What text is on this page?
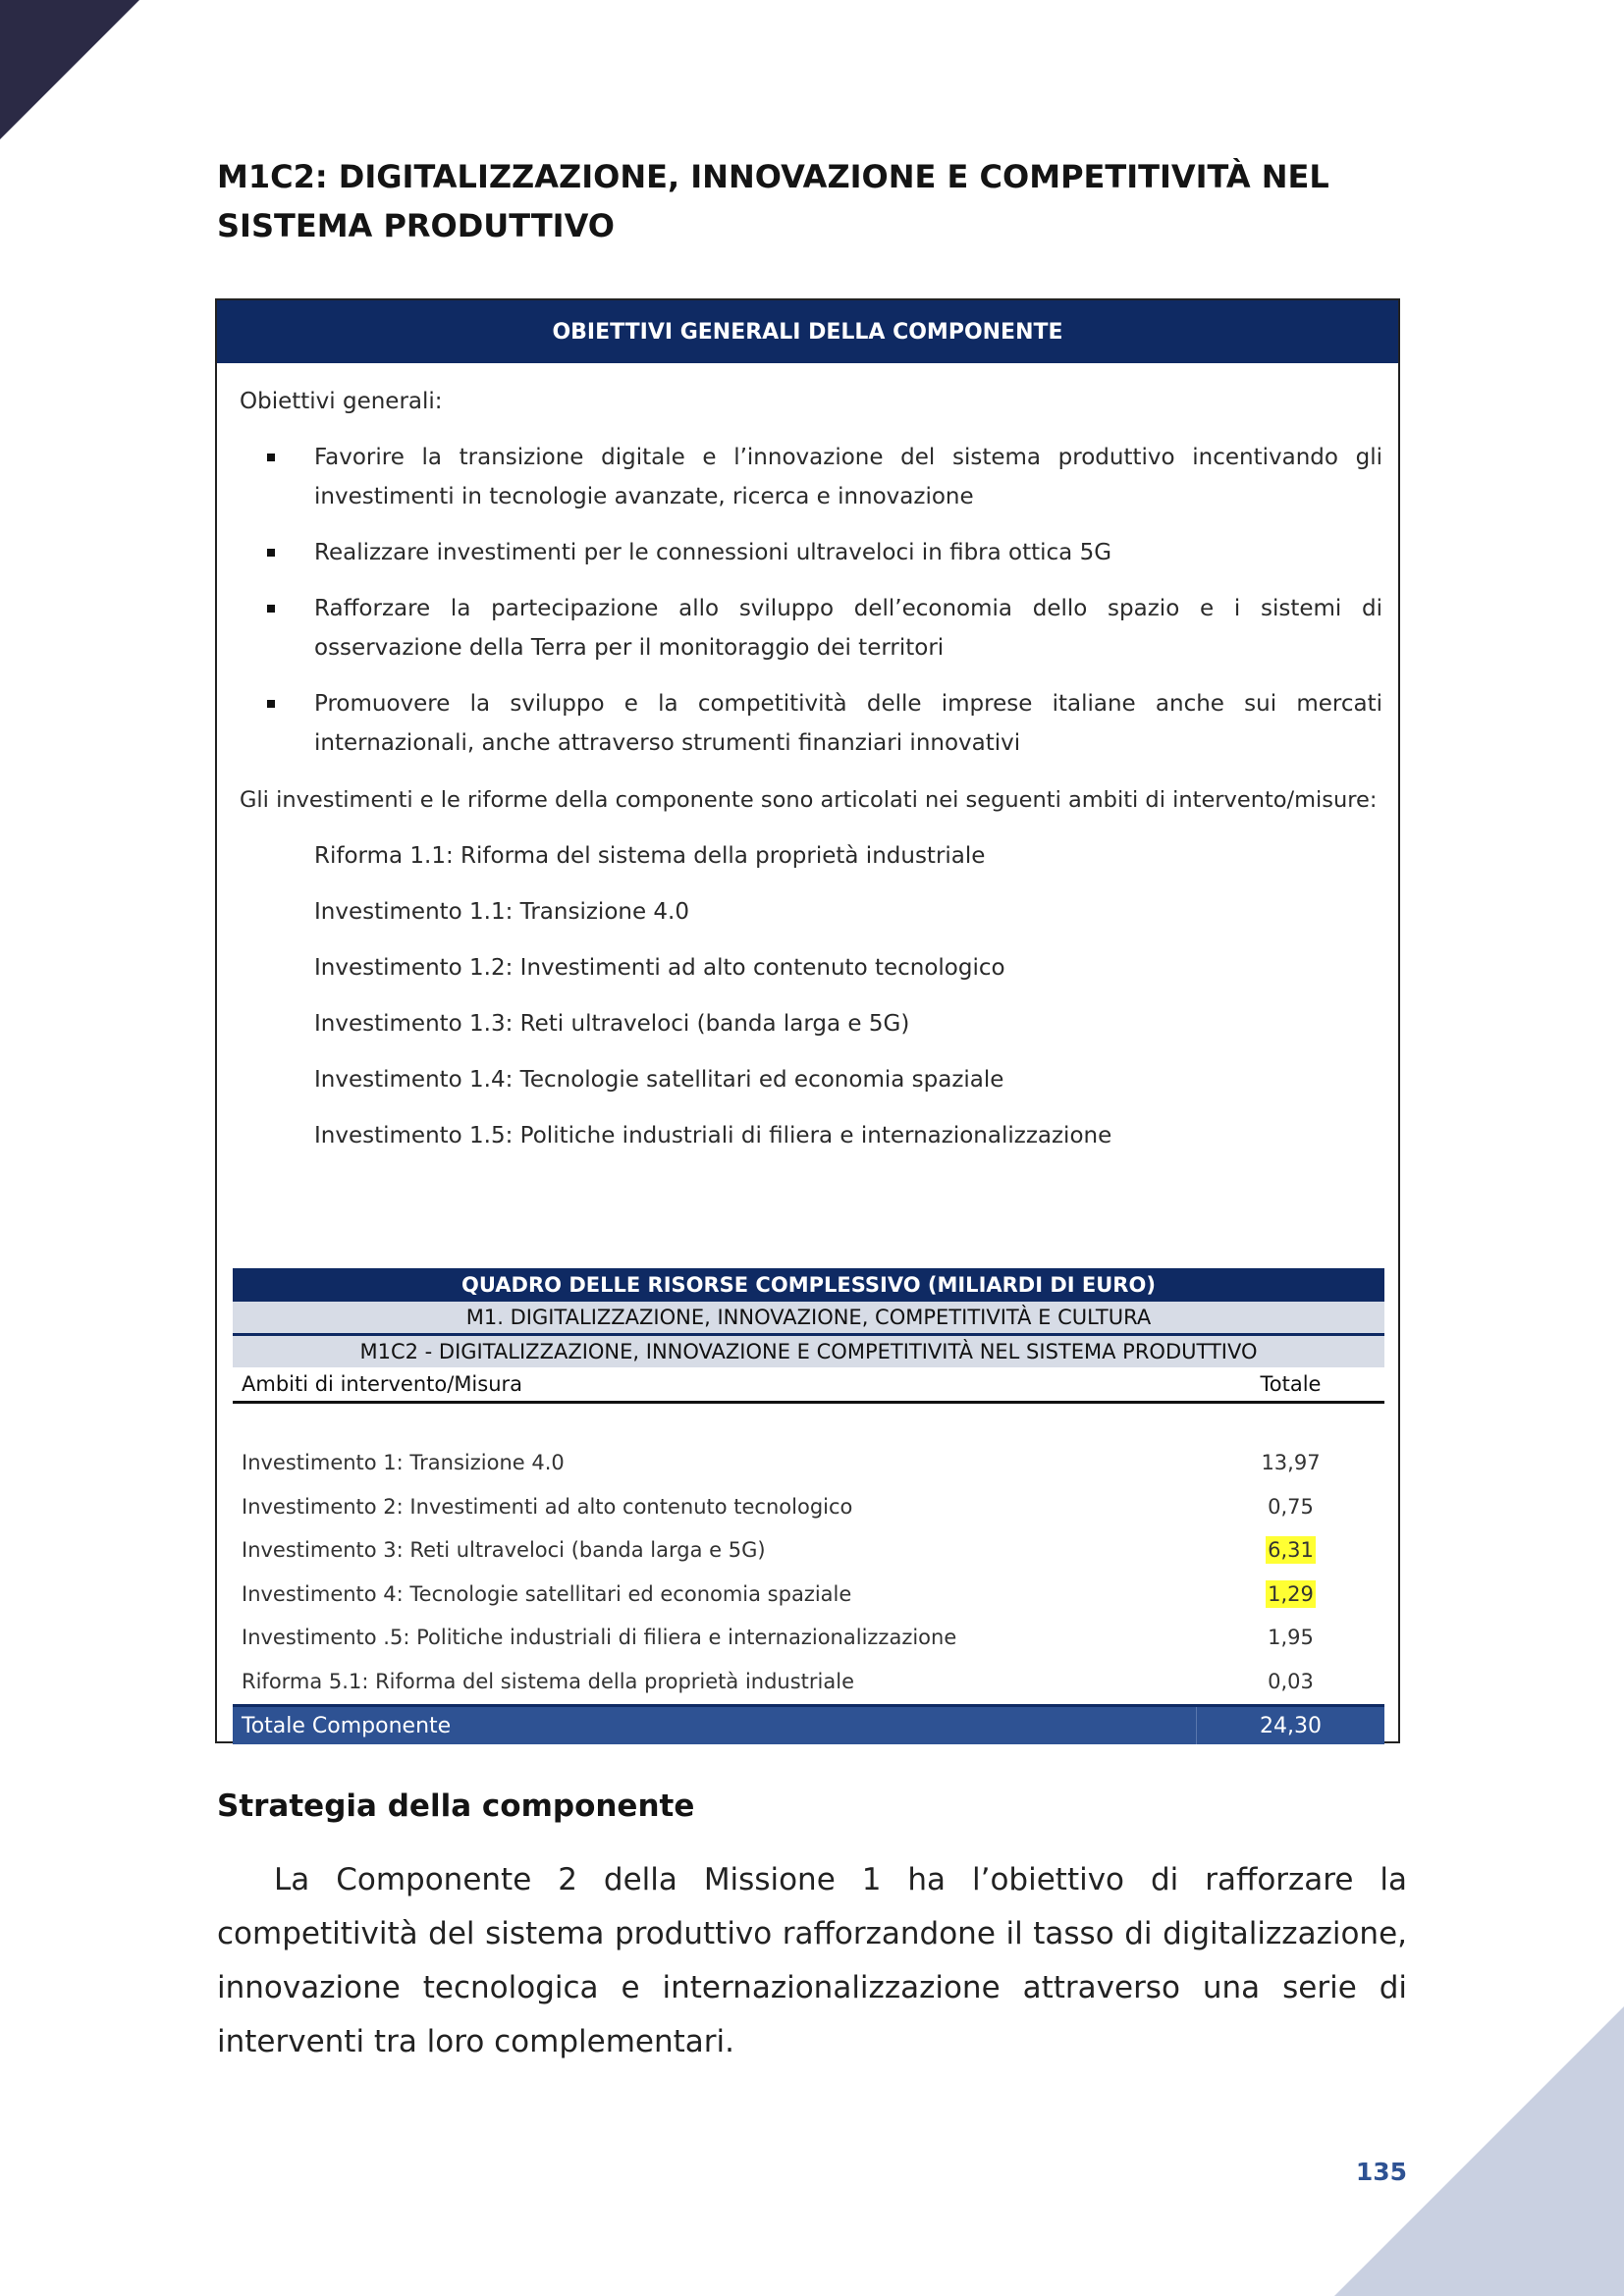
M1C2: DIGITALIZZAZIONE, INNOVAZIONE E COMPETITIVITÀ NEL SISTEMA PRODUTTIVO
OBIETTIVI GENERALI DELLA COMPONENTE

Obiettivi generali:

Favorire la transizione digitale e l’innovazione del sistema produttivo incentivando gli investimenti in tecnologie avanzate, ricerca e innovazione
Realizzare investimenti per le connessioni ultraveloci in fibra ottica 5G
Rafforzare la partecipazione allo sviluppo dell’economia dello spazio e i sistemi di osservazione della Terra per il monitoraggio dei territori
Promuovere la sviluppo e la competitività delle imprese italiane anche sui mercati internazionali, anche attraverso strumenti finanziari innovativi

Gli investimenti e le riforme della componente sono articolati nei seguenti ambiti di intervento/misure:

Riforma 1.1: Riforma del sistema della proprietà industriale
Investimento 1.1: Transizione 4.0
Investimento 1.2: Investimenti ad alto contenuto tecnologico
Investimento 1.3: Reti ultraveloci (banda larga e 5G)
Investimento 1.4: Tecnologie satellitari ed economia spaziale
Investimento 1.5: Politiche industriali di filiera e internazionalizzazione
QUADRO DELLE RISORSE COMPLESSIVO (MILIARDI DI EURO)
M1. DIGITALIZZAZIONE, INNOVAZIONE, COMPETITIVITÀ E CULTURA
M1C2 - DIGITALIZZAZIONE, INNOVAZIONE E COMPETITIVITÀ NEL SISTEMA PRODUTTIVO
Ambiti di intervento/Misura	Totale
Investimento 1: Transizione 4.0	13,97
Investimento 2: Investimenti ad alto contenuto tecnologico	0,75
Investimento 3: Reti ultraveloci (banda larga e 5G)	6,31
Investimento 4: Tecnologie satellitari ed economia spaziale	1,29
Investimento .5: Politiche industriali di filiera e internazionalizzazione	1,95
Riforma 5.1: Riforma del sistema della proprietà industriale	0,03
Totale Componente	24,30
Strategia della componente

La Componente 2 della Missione 1 ha l’obiettivo di rafforzare la competitività del sistema produttivo rafforzandone il tasso di digitalizzazione, innovazione tecnologica e internazionalizzazione attraverso una serie di interventi tra loro complementari.

135
